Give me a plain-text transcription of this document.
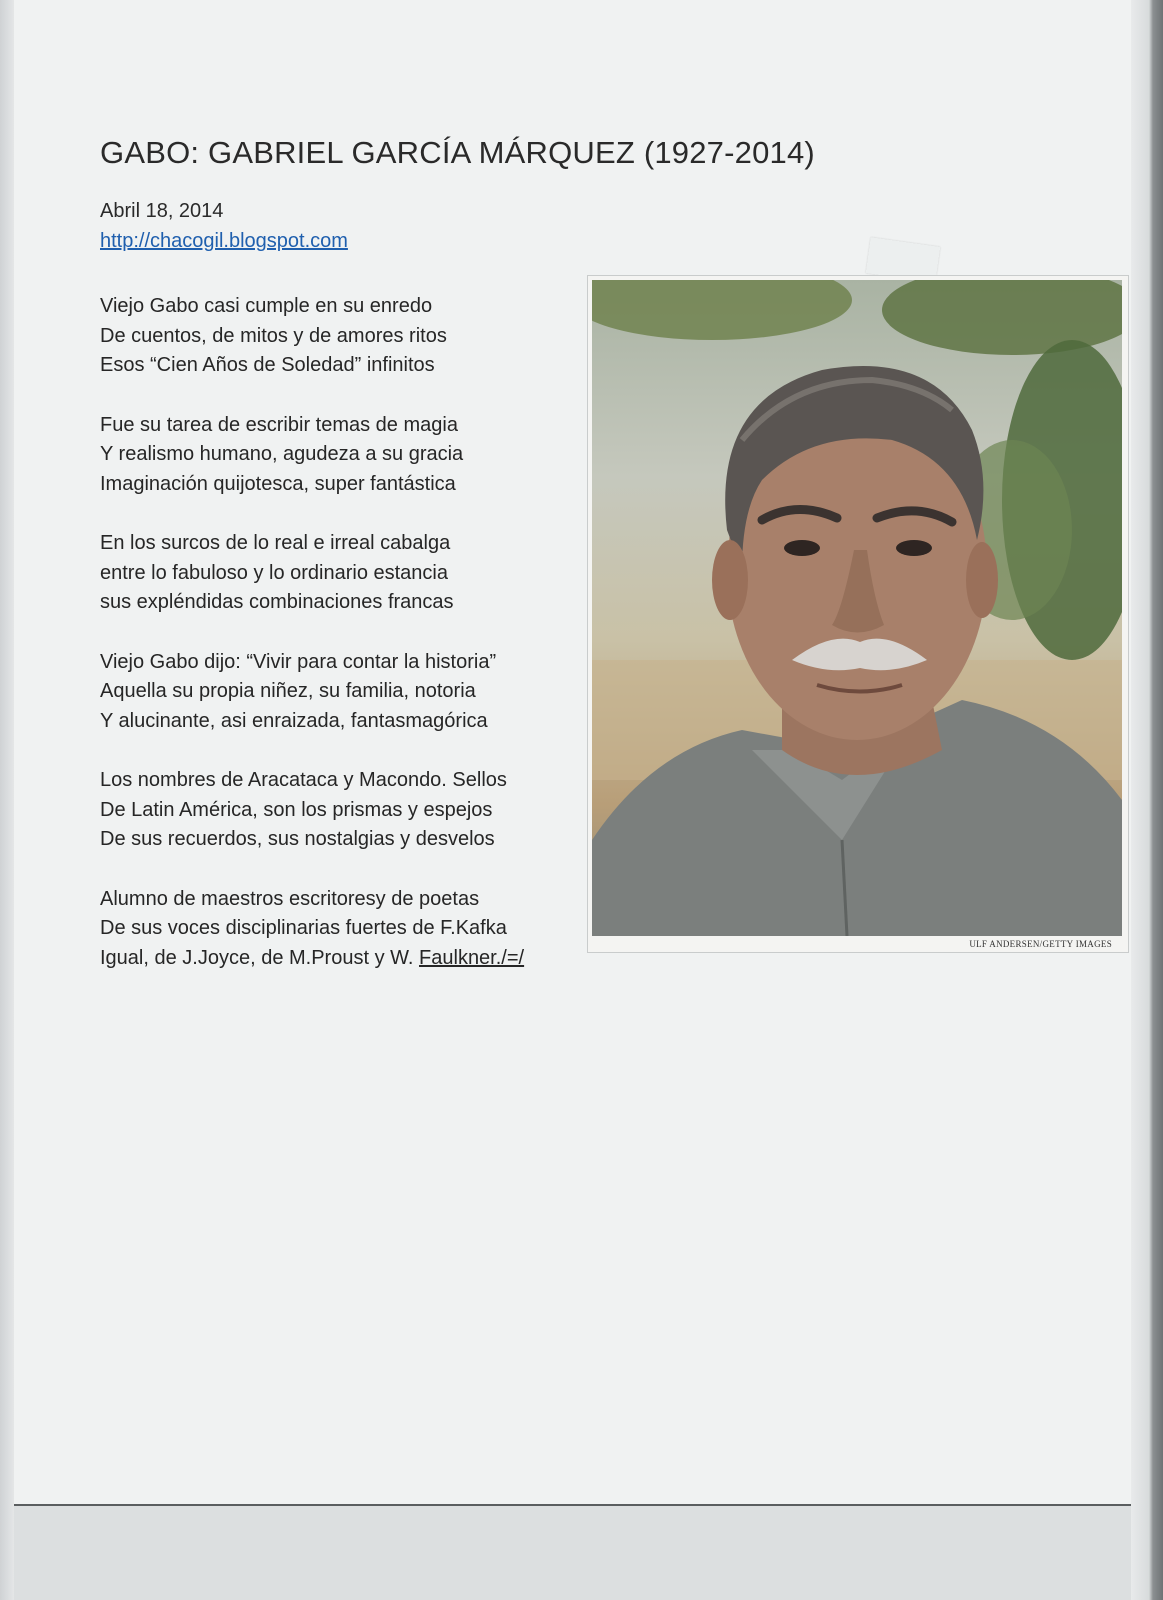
GABO: GABRIEL GARCÍA MÁRQUEZ (1927-2014)
Abril 18, 2014
http://chacogil.blogspot.com
Viejo Gabo casi cumple en su enredo
De cuentos, de mitos y de amores ritos
Esos “Cien Años de Soledad” infinitos
Fue su tarea de escribir temas de magia
Y realismo humano, agudeza a su gracia
Imaginación quijotesca, super fantástica
En los surcos de lo real e irreal cabalga
entre lo fabuloso y lo ordinario estancia
sus expléndidas combinaciones francas
Viejo Gabo dijo: “Vivir para contar la historia”
Aquella su propia niñez, su familia, notoria
Y alucinante, asi enraizada, fantasmagórica
Los nombres de Aracataca y Macondo. Sellos
De Latin América, son los prismas y espejos
De sus recuerdos, sus nostalgias y desvelos
Alumno de maestros escritoresy de poetas
De sus voces disciplinarias fuertes de F.Kafka
Igual, de J.Joyce, de M.Proust y W. Faulkner./=/
ULF ANDERSEN/GETTY IMAGES
